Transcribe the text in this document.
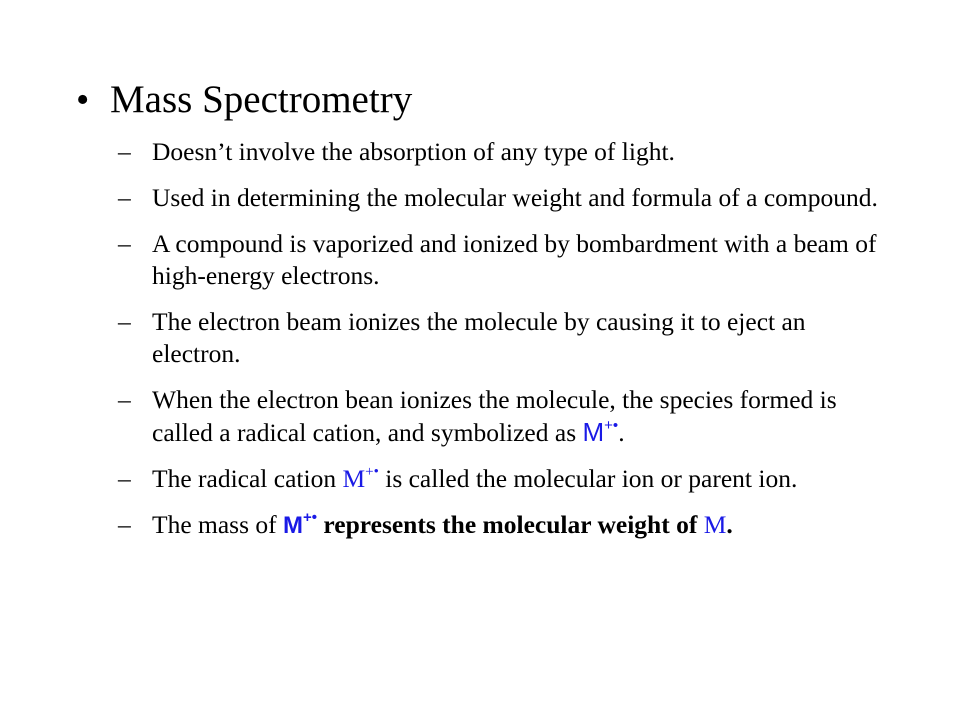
• Mass Spectrometry
– Doesn’t involve the absorption of any type of light.
– Used in determining the molecular weight and formula of a compound.
– A compound is vaporized and ionized by bombardment with a beam of high-energy electrons.
– The electron beam ionizes the molecule by causing it to eject an electron.
– When the electron bean ionizes the molecule, the species formed is called a radical cation, and symbolized as M+•.
– The radical cation M+• is called the molecular ion or parent ion.
– The mass of M+• represents the molecular weight of M.
